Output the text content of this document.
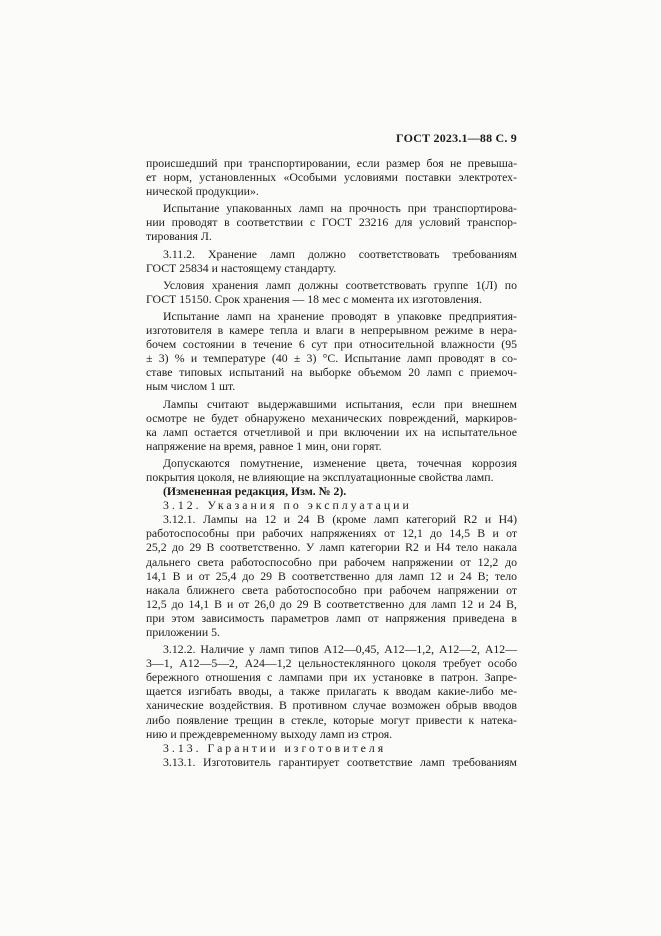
ГОСТ 2023.1—88 С. 9
происшедший при транспортировании, если размер боя не превыша-
ет норм, установленных «Особыми условиями поставки электротех-
нической продукции».
Испытание упакованных ламп на прочность при транспортирова-
нии проводят в соответствии с ГОСТ 23216 для условий транспор-
тирования Л.
3.11.2. Хранение ламп должно соответствовать требованиям
ГОСТ 25834 и настоящему стандарту.
Условия хранения ламп должны соответствовать группе 1(Л) по
ГОСТ 15150. Срок хранения — 18 мес с момента их изготовления.
Испытание ламп на хранение проводят в упаковке предприятия-
изготовителя в камере тепла и влаги в непрерывном режиме в нера-
бочем состоянии в течение 6 сут при относительной влажности (95
± 3) % и температуре (40 ± 3) °С. Испытание ламп проводят в со-
ставе типовых испытаний на выборке объемом 20 ламп с приемоч-
ным числом 1 шт.
Лампы считают выдержавшими испытания, если при внешнем
осмотре не будет обнаружено механических повреждений, маркиров-
ка ламп остается отчетливой и при включении их на испытательное
напряжение на время, равное 1 мин, они горят.
Допускаются помутнение, изменение цвета, точечная коррозия
покрытия цоколя, не влияющие на эксплуатационные свойства ламп.
(Измененная редакция, Изм. № 2).
3.12. Указания по эксплуатации
3.12.1. Лампы на 12 и 24 В (кроме ламп категорий R2 и Н4)
работоспособны при рабочих напряжениях от 12,1 до 14,5 В и от
25,2 до 29 В соответственно. У ламп категории R2 и Н4 тело накала
дальнего света работоспособно при рабочем напряжении от 12,2 до
14,1 В и от 25,4 до 29 В соответственно для ламп 12 и 24 В; тело
накала ближнего света работоспособно при рабочем напряжении от
12,5 до 14,1 В и от 26,0 до 29 В соответственно для ламп 12 и 24 В,
при этом зависимость параметров ламп от напряжения приведена в
приложении 5.
3.12.2. Наличие у ламп типов А12—0,45, А12—1,2, А12—2, А12—
3—1, А12—5—2, А24—1,2 цельностеклянного цоколя требует особо
бережного отношения с лампами при их установке в патрон. Запре-
щается изгибать вводы, а также прилагать к вводам какие-либо ме-
ханические воздействия. В противном случае возможен обрыв вводов
либо появление трещин в стекле, которые могут привести к натека-
нию и преждевременному выходу ламп из строя.
3.13. Гарантии изготовителя
3.13.1. Изготовитель гарантирует соответствие ламп требованиям
